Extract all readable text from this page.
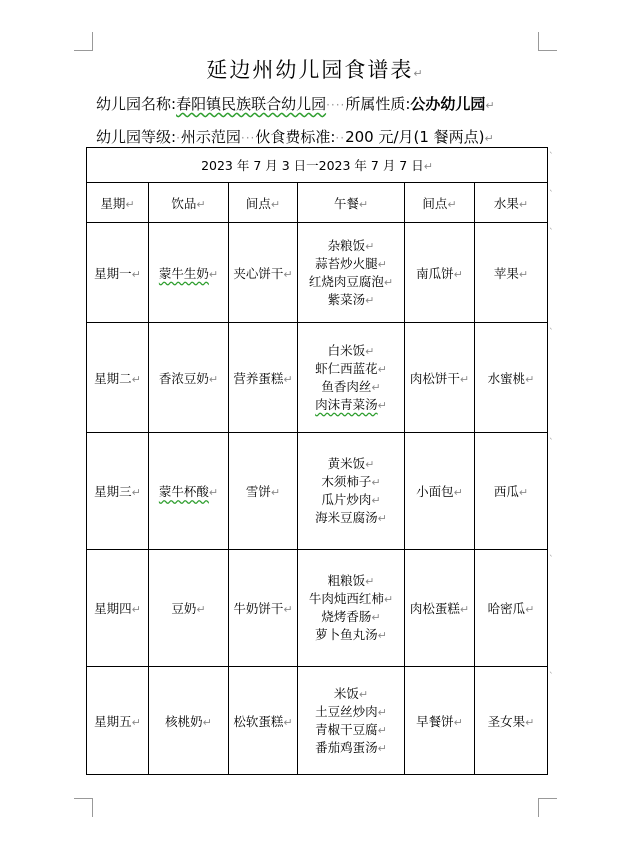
延边州幼儿园食谱表↵
幼儿园名称:春阳镇民族联合幼儿园····所属性质:公办幼儿园↵
幼儿园等级:·州示范园···伙食费标准:··200 元/月(1 餐两点)↵
2023 年 7 月 3 日一2023 年 7 月 7 日↵					
星期↵	饮品↵	间点↵	午餐↵	间点↵	水果↵
星期一↵	蒙牛生奶↵	夹心饼干↵	杂粮饭↵
蒜苔炒火腿↵
红烧肉豆腐泡↵
紫菜汤↵	南瓜饼↵	苹果↵
星期二↵	香浓豆奶↵	营养蛋糕↵	白米饭↵
虾仁西蓝花↵
鱼香肉丝↵
肉沫青菜汤↵	肉松饼干↵	水蜜桃↵
星期三↵	蒙牛杯酸↵	雪饼↵	黄米饭↵
木须柿子↵
瓜片炒肉↵
海米豆腐汤↵	小面包↵	西瓜↵
星期四↵	豆奶↵	牛奶饼干↵	粗粮饭↵
牛肉炖西红柿↵
烧烤香肠↵
萝卜鱼丸汤↵	肉松蛋糕↵	哈密瓜↵
星期五↵	核桃奶↵	松软蛋糕↵	米饭↵
土豆丝炒肉↵
青椒干豆腐↵
番茄鸡蛋汤↵	早餐饼↵	圣女果↵
ˋ
ˋ
ˋ
ˋ
ˋ
ˋ
ˋ
